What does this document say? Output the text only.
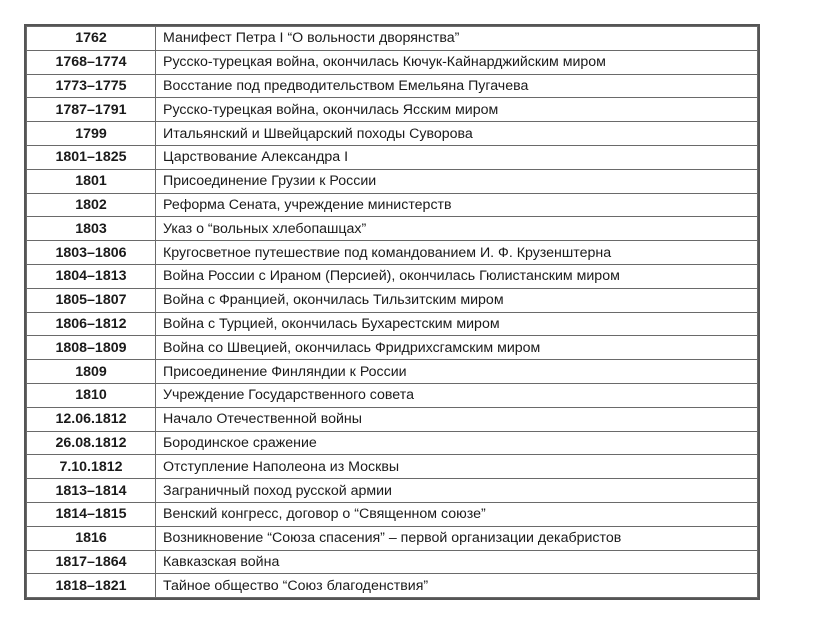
1762	Манифест Петра I “О вольности дворянства”
1768–1774	Русско-турецкая война, окончилась Кючук-Кайнарджийским миром
1773–1775	Восстание под предводительством Емельяна Пугачева
1787–1791	Русско-турецкая война, окончилась Ясским миром
1799	Итальянский и Швейцарский походы Суворова
1801–1825	Царствование Александра I
1801	Присоединение Грузии к России
1802	Реформа Сената, учреждение министерств
1803	Указ о “вольных хлебопашцах”
1803–1806	Кругосветное путешествие под командованием И. Ф. Крузенштерна
1804–1813	Война России с Ираном (Персией), окончилась Гюлистанским миром
1805–1807	Война с Францией, окончилась Тильзитским миром
1806–1812	Война с Турцией, окончилась Бухарестским миром
1808–1809	Война со Швецией, окончилась Фридрихсгамским миром
1809	Присоединение Финляндии к России
1810	Учреждение Государственного совета
12.06.1812	Начало Отечественной войны
26.08.1812	Бородинское сражение
7.10.1812	Отступление Наполеона из Москвы
1813–1814	Заграничный поход русской армии
1814–1815	Венский конгресс, договор о “Священном союзе”
1816	Возникновение “Союза спасения” – первой организации декабристов
1817–1864	Кавказская война
1818–1821	Тайное общество “Союз благоденствия”
